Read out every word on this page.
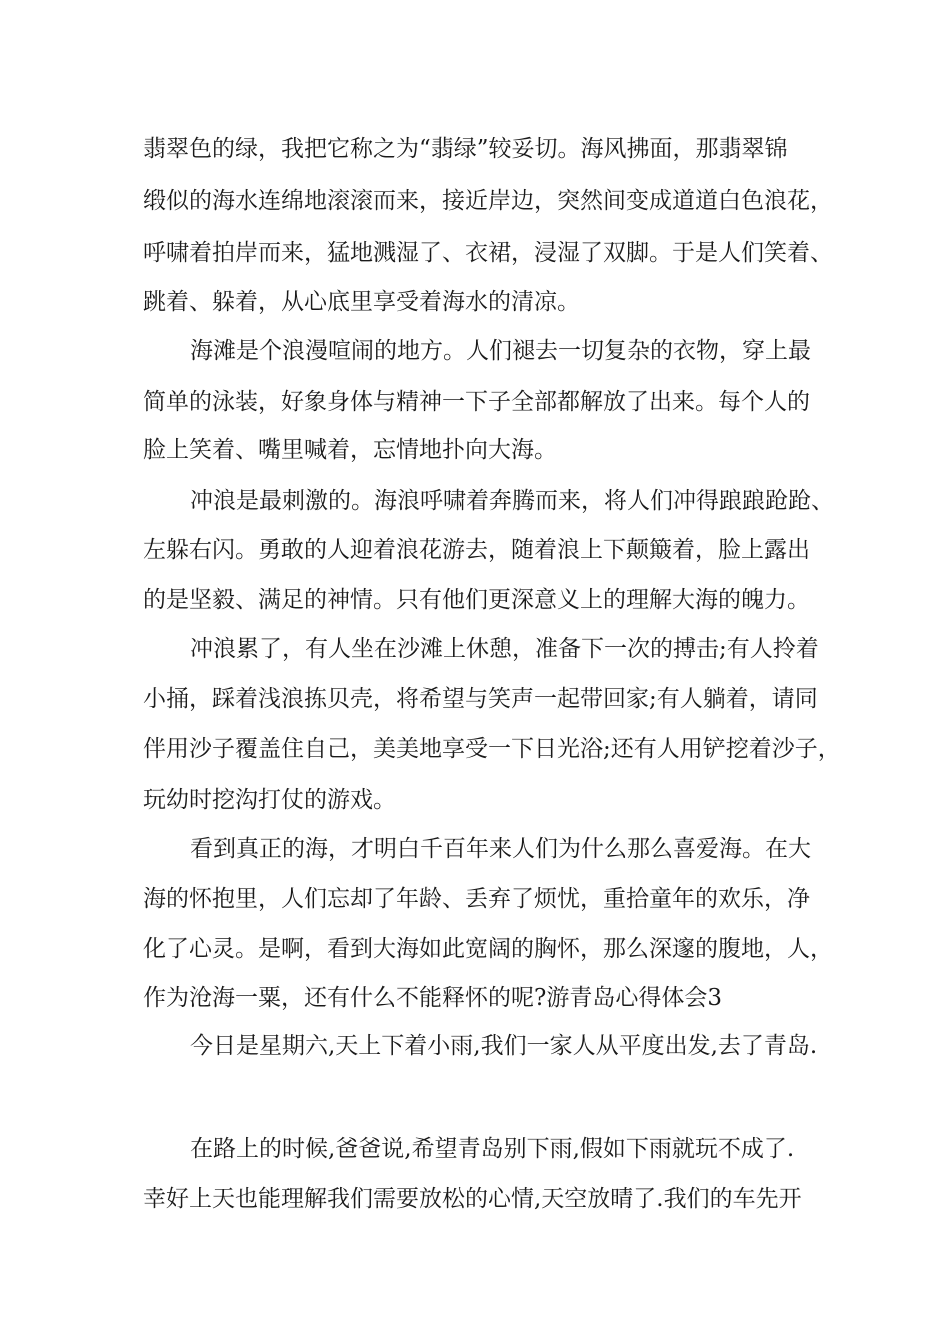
翡翠色的绿，我把它称之为“翡绿”较妥切。海风拂面，那翡翠锦
缎似的海水连绵地滚滚而来，接近岸边，突然间变成道道白色浪花，
呼啸着拍岸而来，猛地溅湿了、衣裙，浸湿了双脚。于是人们笑着、
跳着、躲着，从心底里享受着海水的清凉。
海滩是个浪漫喧闹的地方。人们褪去一切复杂的衣物，穿上最
简单的泳装，好象身体与精神一下子全部都解放了出来。每个人的
脸上笑着、嘴里喊着，忘情地扑向大海。
冲浪是最刺激的。海浪呼啸着奔腾而来，将人们冲得踉踉跄跄、
左躲右闪。勇敢的人迎着浪花游去，随着浪上下颠簸着，脸上露出
的是坚毅、满足的神情。只有他们更深意义上的理解大海的魄力。
冲浪累了，有人坐在沙滩上休憩，准备下一次的搏击;有人拎着
小捅，踩着浅浪拣贝壳，将希望与笑声一起带回家;有人躺着，请同
伴用沙子覆盖住自己，美美地享受一下日光浴;还有人用铲挖着沙子，
玩幼时挖沟打仗的游戏。
看到真正的海，才明白千百年来人们为什么那么喜爱海。在大
海的怀抱里，人们忘却了年龄、丢弃了烦忧，重拾童年的欢乐，净
化了心灵。是啊，看到大海如此宽阔的胸怀，那么深邃的腹地，人，
作为沧海一粟，还有什么不能释怀的呢?游青岛心得体会3
今日是星期六,天上下着小雨,我们一家人从平度出发,去了青岛.
在路上的时候,爸爸说,希望青岛别下雨,假如下雨就玩不成了.
幸好上天也能理解我们需要放松的心情,天空放晴了.我们的车先开
